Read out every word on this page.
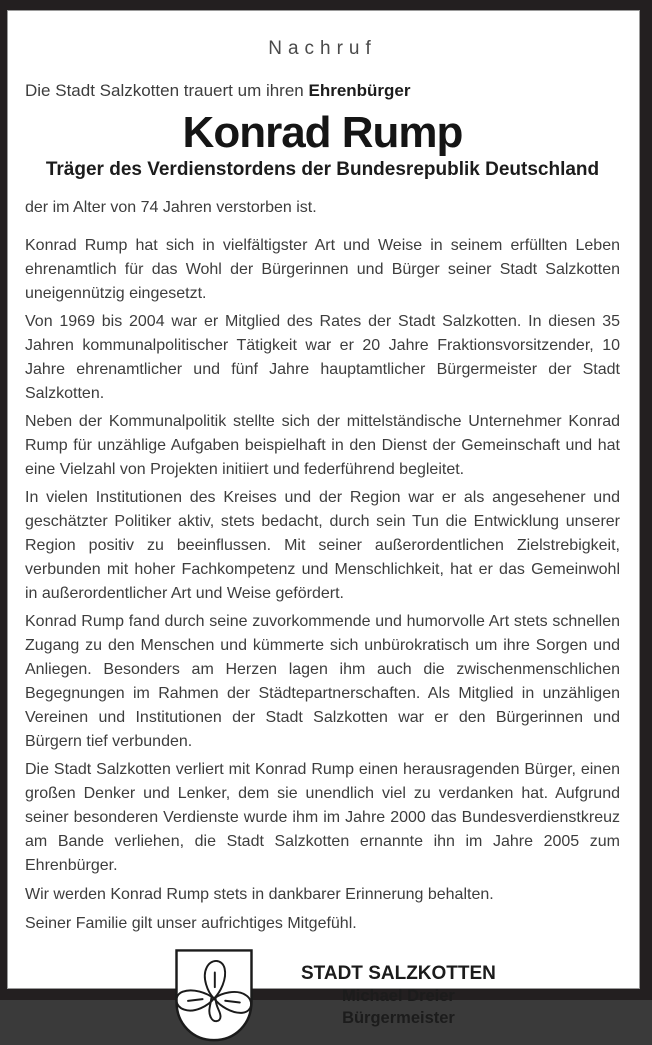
Nachruf

Die Stadt Salzkotten trauert um ihren Ehrenbürger

Konrad Rump
Träger des Verdienstordens der Bundesrepublik Deutschland

der im Alter von 74 Jahren verstorben ist.

Konrad Rump hat sich in vielfältigster Art und Weise in seinem erfüllten Leben ehrenamtlich für das Wohl der Bürgerinnen und Bürger seiner Stadt Salzkotten uneigennützig eingesetzt.

Von 1969 bis 2004 war er Mitglied des Rates der Stadt Salzkotten. In diesen 35 Jahren kommunalpolitischer Tätigkeit war er 20 Jahre Fraktionsvorsitzender, 10 Jahre ehrenamtlicher und fünf Jahre hauptamtlicher Bürgermeister der Stadt Salzkotten.

Neben der Kommunalpolitik stellte sich der mittelständische Unternehmer Konrad Rump für unzählige Aufgaben beispielhaft in den Dienst der Gemeinschaft und hat eine Vielzahl von Projekten initiiert und federführend begleitet.

In vielen Institutionen des Kreises und der Region war er als angesehener und geschätzter Politiker aktiv, stets bedacht, durch sein Tun die Entwicklung unserer Region positiv zu beeinflussen. Mit seiner außerordentlichen Zielstrebigkeit, verbunden mit hoher Fachkompetenz und Menschlichkeit, hat er das Gemeinwohl in außerordentlicher Art und Weise gefördert.

Konrad Rump fand durch seine zuvorkommende und humorvolle Art stets schnellen Zugang zu den Menschen und kümmerte sich unbürokratisch um ihre Sorgen und Anliegen. Besonders am Herzen lagen ihm auch die zwischenmenschlichen Begegnungen im Rahmen der Städtepartnerschaften. Als Mitglied in unzähligen Vereinen und Institutionen der Stadt Salzkotten war er den Bürgerinnen und Bürgern tief verbunden.

Die Stadt Salzkotten verliert mit Konrad Rump einen herausragenden Bürger, einen großen Denker und Lenker, dem sie unendlich viel zu verdanken hat. Aufgrund seiner besonderen Verdienste wurde ihm im Jahre 2000 das Bundesverdienstkreuz am Bande verliehen, die Stadt Salzkotten ernannte ihn im Jahre 2005 zum Ehrenbürger.

Wir werden Konrad Rump stets in dankbarer Erinnerung behalten.

Seiner Familie gilt unser aufrichtiges Mitgefühl.

STADT SALZKOTTEN
Michael Dreier
Bürgermeister
